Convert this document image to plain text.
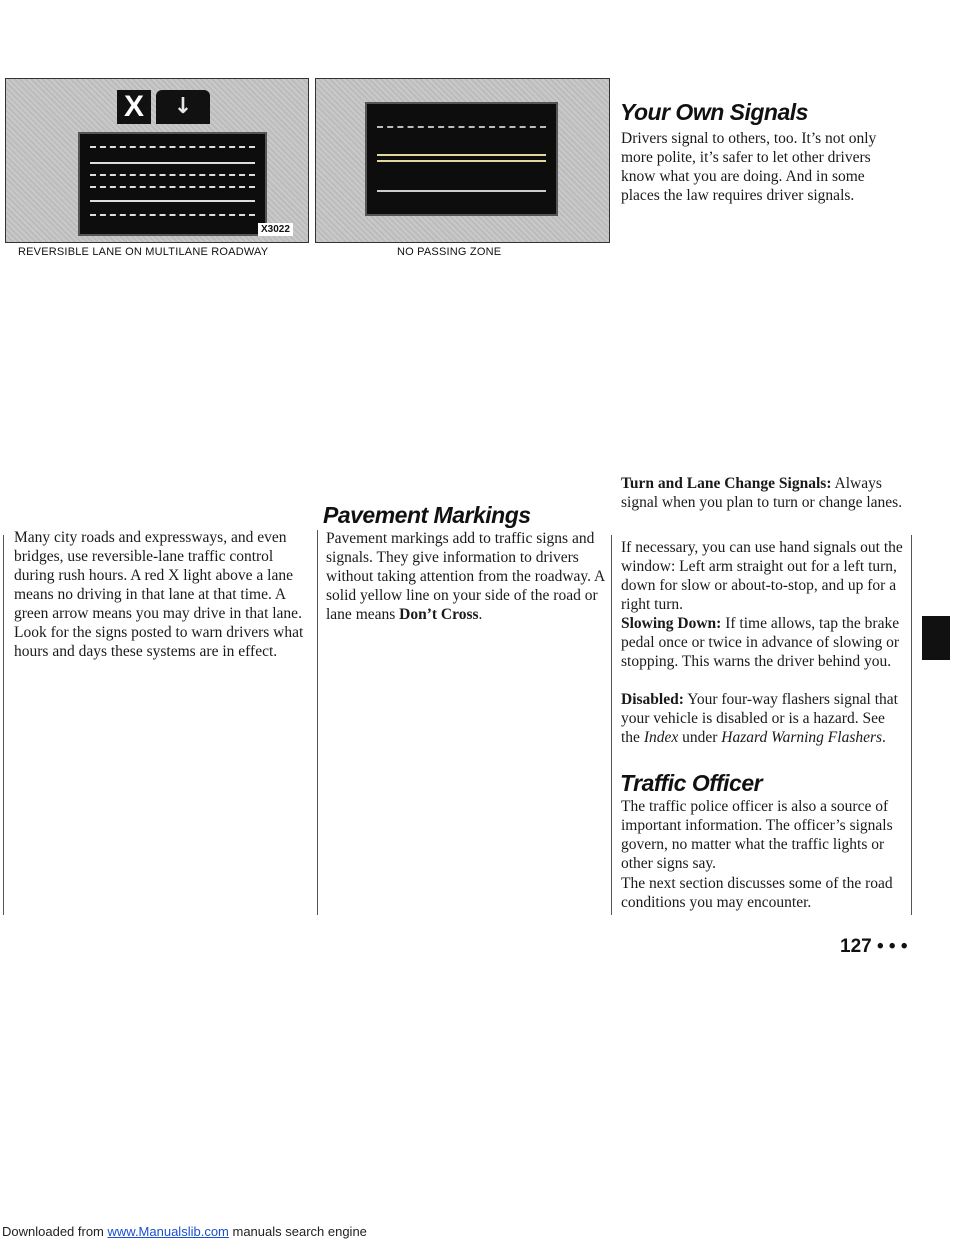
X ↓
X3022
REVERSIBLE LANE ON MULTILANE ROADWAY	NO PASSING ZONE

Many city roads and expressways, and even bridges, use reversible-lane traffic control during rush hours. A red X light above a lane means no driving in that lane at that time. A green arrow means you may drive in that lane. Look for the signs posted to warn drivers what hours and days these systems are in effect.

Pavement Markings

Pavement markings add to traffic signs and signals. They give information to drivers without taking attention from the roadway. A solid yellow line on your side of the road or lane means Don’t Cross.

Your Own Signals

Drivers signal to others, too. It’s not only more polite, it’s safer to let other drivers know what you are doing. And in some places the law requires driver signals.

Turn and Lane Change Signals: Always signal when you plan to turn or change lanes.

If necessary, you can use hand signals out the window: Left arm straight out for a left turn, down for slow or about-to-stop, and up for a right turn.

Slowing Down: If time allows, tap the brake pedal once or twice in advance of slowing or stopping. This warns the driver behind you.

Disabled: Your four-way flashers signal that your vehicle is disabled or is a hazard. See the Index under Hazard Warning Flashers.

Traffic Officer

The traffic police officer is also a source of important information. The officer’s signals govern, no matter what the traffic lights or other signs say.

The next section discusses some of the road conditions you may encounter.

127 • • •
Downloaded from www.Manualslib.com manuals search engine
